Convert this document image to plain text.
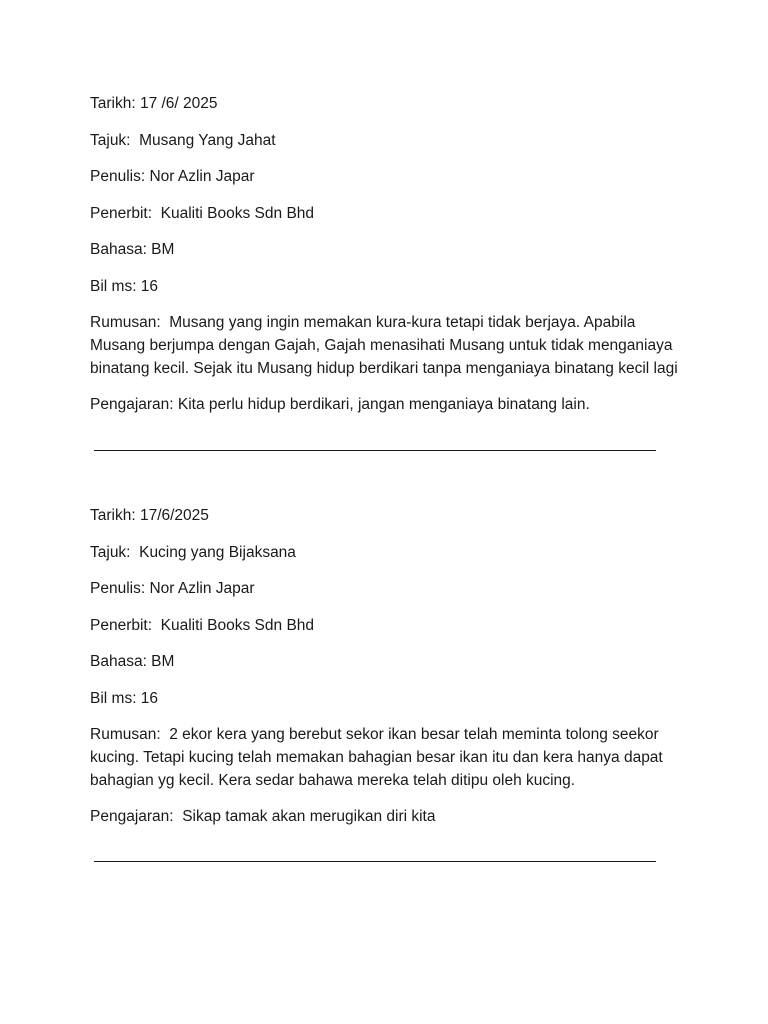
Tarikh: 17 /6/ 2025

Tajuk:  Musang Yang Jahat

Penulis: Nor Azlin Japar

Penerbit:  Kualiti Books Sdn Bhd

Bahasa: BM

Bil ms: 16

Rumusan:  Musang yang ingin memakan kura-kura tetapi tidak berjaya. Apabila Musang berjumpa dengan Gajah, Gajah menasihati Musang untuk tidak menganiaya binatang kecil. Sejak itu Musang hidup berdikari tanpa menganiaya binatang kecil lagi

Pengajaran: Kita perlu hidup berdikari, jangan menganiaya binatang lain.

Tarikh: 17/6/2025

Tajuk:  Kucing yang Bijaksana

Penulis: Nor Azlin Japar

Penerbit:  Kualiti Books Sdn Bhd

Bahasa: BM

Bil ms: 16

Rumusan:  2 ekor kera yang berebut sekor ikan besar telah meminta tolong seekor kucing. Tetapi kucing telah memakan bahagian besar ikan itu dan kera hanya dapat bahagian yg kecil. Kera sedar bahawa mereka telah ditipu oleh kucing.

Pengajaran:  Sikap tamak akan merugikan diri kita
